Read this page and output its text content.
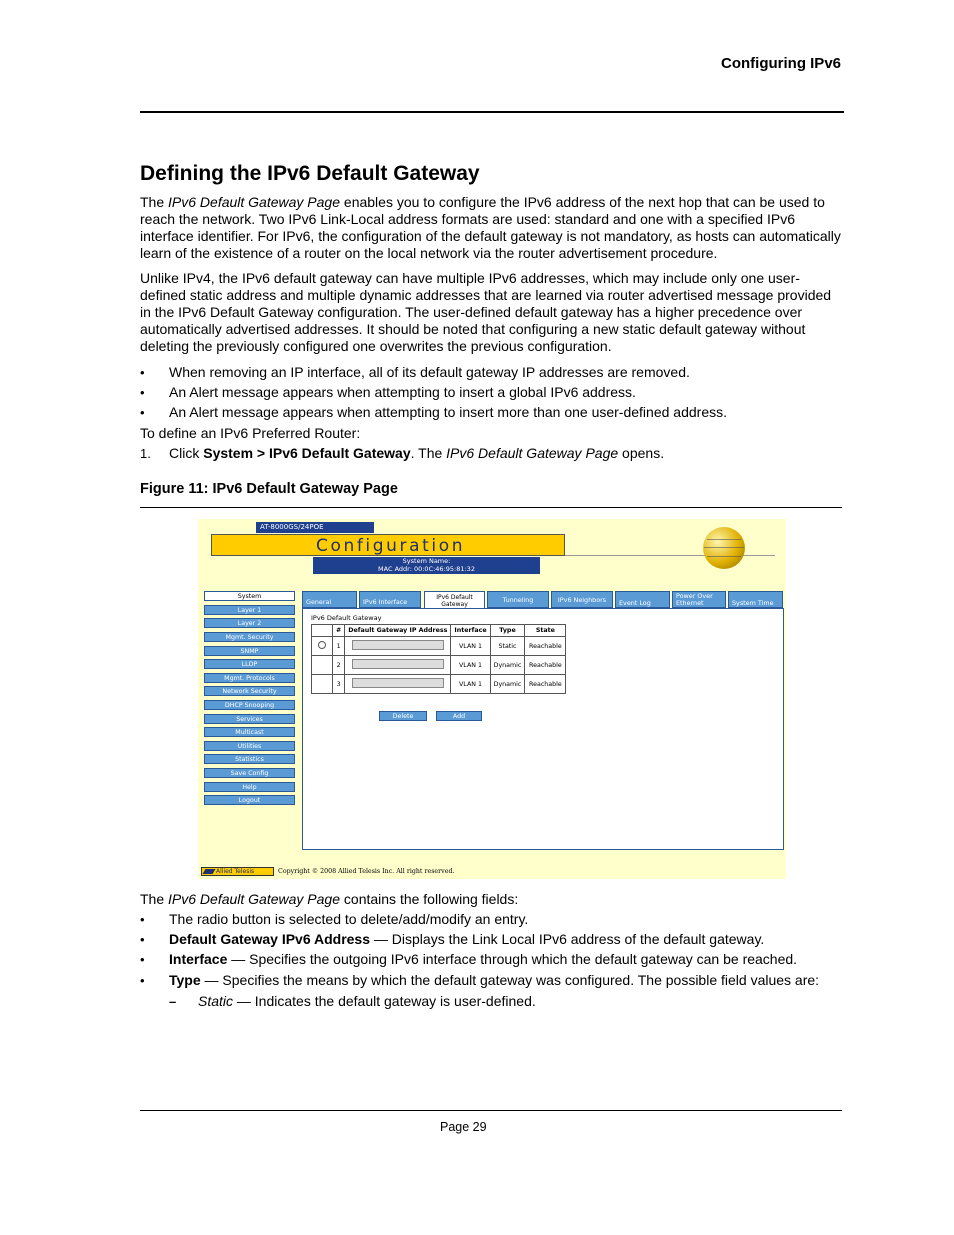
Configuring IPv6
Defining the IPv6 Default Gateway

The IPv6 Default Gateway Page enables you to configure the IPv6 address of the next hop that can be used to reach the network. Two IPv6 Link-Local address formats are used: standard and one with a specified IPv6 interface identifier. For IPv6, the configuration of the default gateway is not mandatory, as hosts can automatically learn of the existence of a router on the local network via the router advertisement procedure.

Unlike IPv4, the IPv6 default gateway can have multiple IPv6 addresses, which may include only one user-defined static address and multiple dynamic addresses that are learned via router advertised message provided in the IPv6 Default Gateway configuration. The user-defined default gateway has a higher precedence over automatically advertised addresses. It should be noted that configuring a new static default gateway without deleting the previously configured one overwrites the previous configuration.

• When removing an IP interface, all of its default gateway IP addresses are removed.
• An Alert message appears when attempting to insert a global IPv6 address.
• An Alert message appears when attempting to insert more than one user-defined address.
To define an IPv6 Preferred Router:
1. Click System > IPv6 Default Gateway. The IPv6 Default Gateway Page opens.
Figure 11: IPv6 Default Gateway Page
AT-8000GS/24POE
Configuration
System Name:
MAC Addr: 00:0C:46:95:81:32
System
Layer 1
Layer 2
Mgmt. Security
SNMP
LLDP
Mgmt. Protocols
Network Security
DHCP Snooping
Services
Multicast
Utilities
Statistics
Save Config
Help
Logout
General	IPv6 Interface
IPv6 Default Gateway
Tunneling	IPv6 Neighbors	Event Log
Power Over Ethernet	System Time
IPv6 Default Gateway
	#	Default Gateway IP Address	Interface	Type	State
	1		VLAN 1	Static	Reachable
	2		VLAN 1	Dynamic	Reachable
	3		VLAN 1	Dynamic	Reachable
Delete	Add
Allied Telesis	Copyright © 2008 Allied Telesis Inc. All right reserved.
The IPv6 Default Gateway Page contains the following fields:
• The radio button is selected to delete/add/modify an entry.
• Default Gateway IPv6 Address — Displays the Link Local IPv6 address of the default gateway.
• Interface — Specifies the outgoing IPv6 interface through which the default gateway can be reached.
• Type — Specifies the means by which the default gateway was configured. The possible field values are:
– Static — Indicates the default gateway is user-defined.
Page 29
